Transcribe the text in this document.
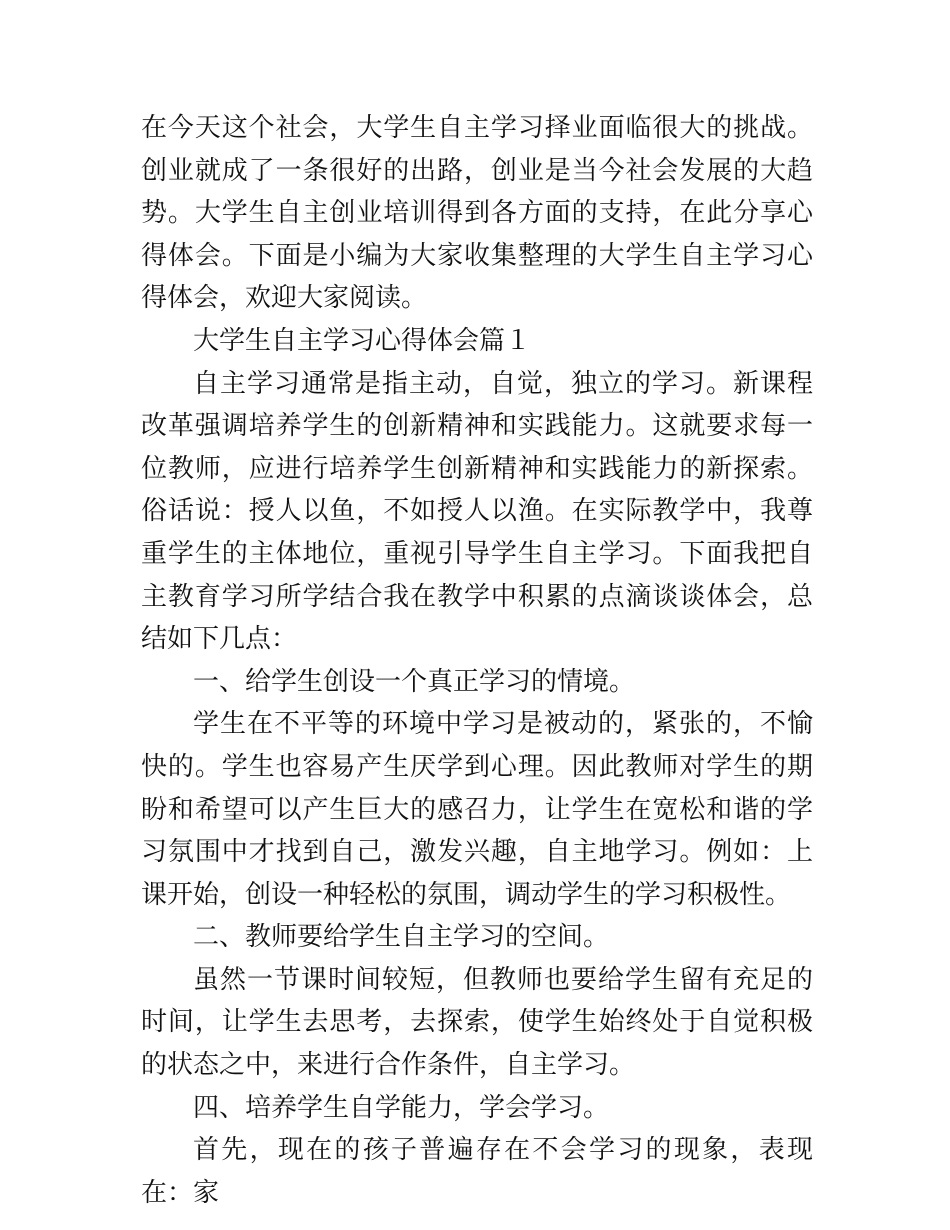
在今天这个社会，大学生自主学习择业面临很大的挑战。创业就成了一条很好的出路，创业是当今社会发展的大趋势。大学生自主创业培训得到各方面的支持，在此分享心得体会。下面是小编为大家收集整理的大学生自主学习心得体会，欢迎大家阅读。

大学生自主学习心得体会篇１

自主学习通常是指主动，自觉，独立的学习。新课程改革强调培养学生的创新精神和实践能力。这就要求每一位教师，应进行培养学生创新精神和实践能力的新探索。俗话说：授人以鱼，不如授人以渔。在实际教学中，我尊重学生的主体地位，重视引导学生自主学习。下面我把自主教育学习所学结合我在教学中积累的点滴谈谈体会，总结如下几点：

一、给学生创设一个真正学习的情境。

学生在不平等的环境中学习是被动的，紧张的，不愉快的。学生也容易产生厌学到心理。因此教师对学生的期盼和希望可以产生巨大的感召力，让学生在宽松和谐的学习氛围中才找到自己，激发兴趣，自主地学习。例如：上课开始，创设一种轻松的氛围，调动学生的学习积极性。

二、教师要给学生自主学习的空间。

虽然一节课时间较短，但教师也要给学生留有充足的时间，让学生去思考，去探索，使学生始终处于自觉积极的状态之中，来进行合作条件，自主学习。

四、培养学生自学能力，学会学习。

首先，现在的孩子普遍存在不会学习的现象，表现在：家
